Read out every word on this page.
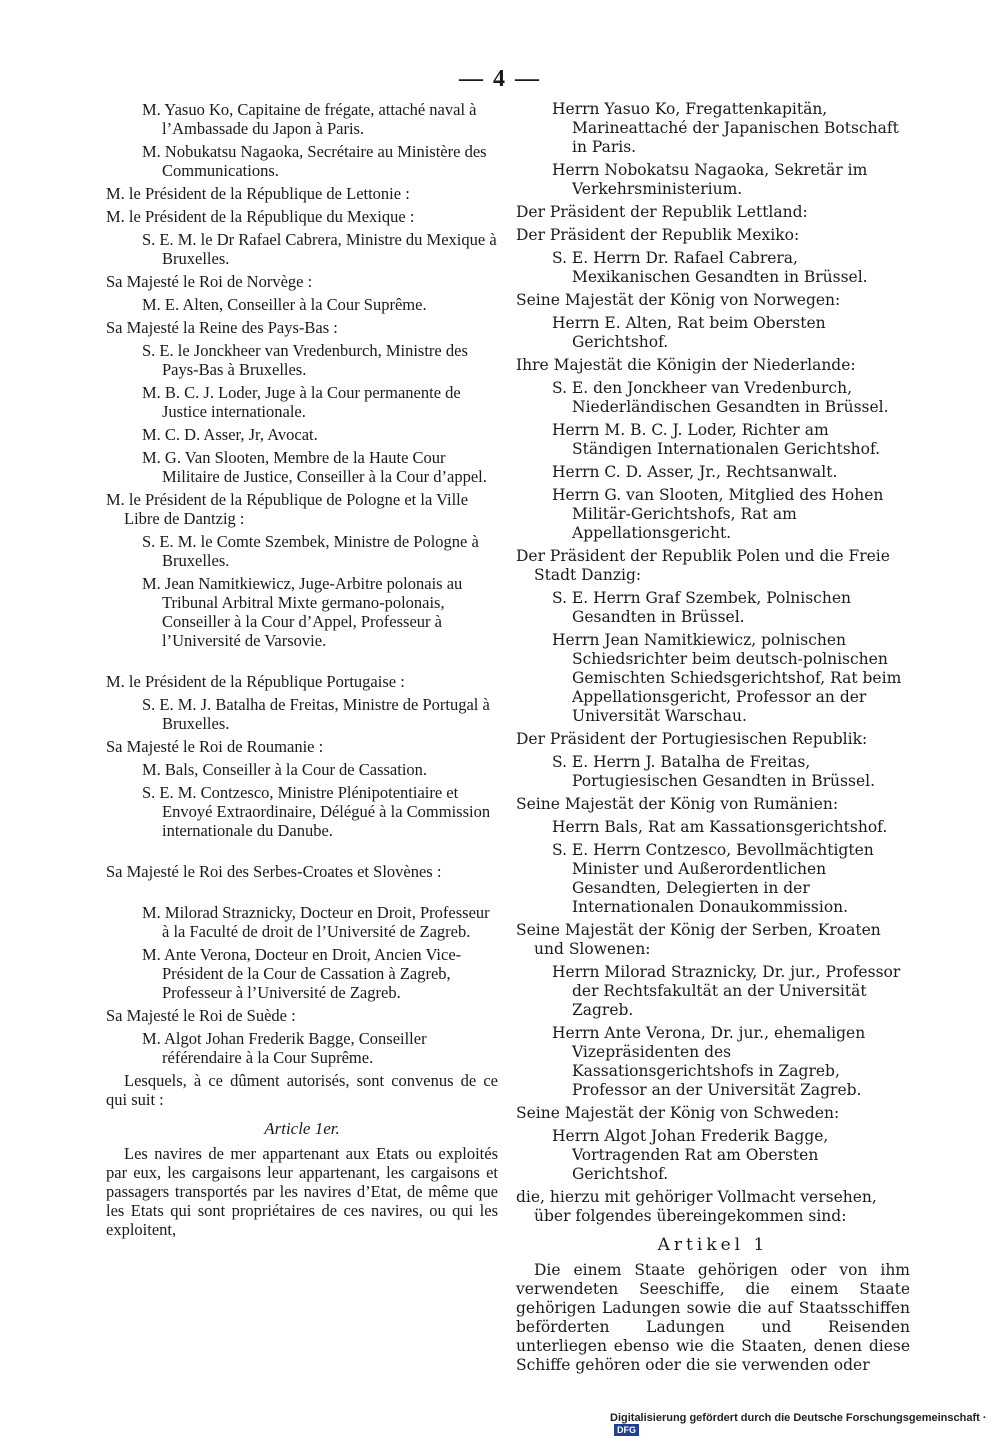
— 4 —
M. Yasuo Ko, Capitaine de frégate, attaché naval à l’Ambassade du Japon à Paris.
M. Nobukatsu Nagaoka, Secrétaire au Ministère des Communications.
M. le Président de la République de Lettonie :
M. le Président de la République du Mexique :
S. E. M. le Dr Rafael Cabrera, Ministre du Mexique à Bruxelles.
Sa Majesté le Roi de Norvège :
M. E. Alten, Conseiller à la Cour Suprême.
Sa Majesté la Reine des Pays-Bas :
S. E. le Jonckheer van Vredenburch, Ministre des Pays-Bas à Bruxelles.
M. B. C. J. Loder, Juge à la Cour permanente de Justice internationale.
M. C. D. Asser, Jr, Avocat.
M. G. Van Slooten, Membre de la Haute Cour Militaire de Justice, Conseiller à la Cour d’appel.
M. le Président de la République de Pologne et la Ville Libre de Dantzig :
S. E. M. le Comte Szembek, Ministre de Pologne à Bruxelles.
M. Jean Namitkiewicz, Juge-Arbitre polonais au Tribunal Arbitral Mixte germano-polonais, Conseiller à la Cour d’Appel, Professeur à l’Université de Varsovie.
M. le Président de la République Portugaise :
S. E. M. J. Batalha de Freitas, Ministre de Portugal à Bruxelles.
Sa Majesté le Roi de Roumanie :
M. Bals, Conseiller à la Cour de Cassation.
S. E. M. Contzesco, Ministre Plénipotentiaire et Envoyé Extraordinaire, Délégué à la Commission internationale du Danube.
Sa Majesté le Roi des Serbes-Croates et Slovènes :
M. Milorad Straznicky, Docteur en Droit, Professeur à la Faculté de droit de l’Université de Zagreb.
M. Ante Verona, Docteur en Droit, Ancien Vice-Président de la Cour de Cassation à Zagreb, Professeur à l’Université de Zagreb.
Sa Majesté le Roi de Suède :
M. Algot Johan Frederik Bagge, Conseiller référendaire à la Cour Suprême.
Lesquels, à ce dûment autorisés, sont convenus de ce qui suit :
Article 1er.
Les navires de mer appartenant aux Etats ou exploités par eux, les cargaisons leur appartenant, les cargaisons et passagers transportés par les navires d’Etat, de même que les Etats qui sont propriétaires de ces navires, ou qui les exploitent,
Herrn Yasuo Ko, Fregattenkapitän, Marineattaché der Japanischen Botschaft in Paris.
Herrn Nobokatsu Nagaoka, Sekretär im Verkehrsministerium.
Der Präsident der Republik Lettland:
Der Präsident der Republik Mexiko:
S. E. Herrn Dr. Rafael Cabrera, Mexikanischen Gesandten in Brüssel.
Seine Majestät der König von Norwegen:
Herrn E. Alten, Rat beim Obersten Gerichtshof.
Ihre Majestät die Königin der Niederlande:
S. E. den Jonckheer van Vredenburch, Niederländischen Gesandten in Brüssel.
Herrn M. B. C. J. Loder, Richter am Ständigen Internationalen Gerichtshof.
Herrn C. D. Asser, Jr., Rechtsanwalt.
Herrn G. van Slooten, Mitglied des Hohen Militär-Gerichtshofs, Rat am Appellationsgericht.
Der Präsident der Republik Polen und die Freie Stadt Danzig:
S. E. Herrn Graf Szembek, Polnischen Gesandten in Brüssel.
Herrn Jean Namitkiewicz, polnischen Schiedsrichter beim deutsch-polnischen Gemischten Schiedsgerichtshof, Rat beim Appellationsgericht, Professor an der Universität Warschau.
Der Präsident der Portugiesischen Republik:
S. E. Herrn J. Batalha de Freitas, Portugiesischen Gesandten in Brüssel.
Seine Majestät der König von Rumänien:
Herrn Bals, Rat am Kassationsgerichtshof.
S. E. Herrn Contzesco, Bevollmächtigten Minister und Außerordentlichen Gesandten, Delegierten in der Internationalen Donaukommission.
Seine Majestät der König der Serben, Kroaten und Slowenen:
Herrn Milorad Straznicky, Dr. jur., Professor der Rechtsfakultät an der Universität Zagreb.
Herrn Ante Verona, Dr. jur., ehemaligen Vizepräsidenten des Kassationsgerichtshofs in Zagreb, Professor an der Universität Zagreb.
Seine Majestät der König von Schweden:
Herrn Algot Johan Frederik Bagge, Vortragenden Rat am Obersten Gerichtshof.
die, hierzu mit gehöriger Vollmacht versehen, über folgendes übereingekommen sind:
Artikel 1
Die einem Staate gehörigen oder von ihm verwendeten Seeschiffe, die einem Staate gehörigen Ladungen sowie die auf Staatsschiffen beförderten Ladungen und Reisenden unterliegen ebenso wie die Staaten, denen diese Schiffe gehören oder die sie verwenden oder
Digitalisierung gefördert durch die Deutsche Forschungsgemeinschaft · DFG
